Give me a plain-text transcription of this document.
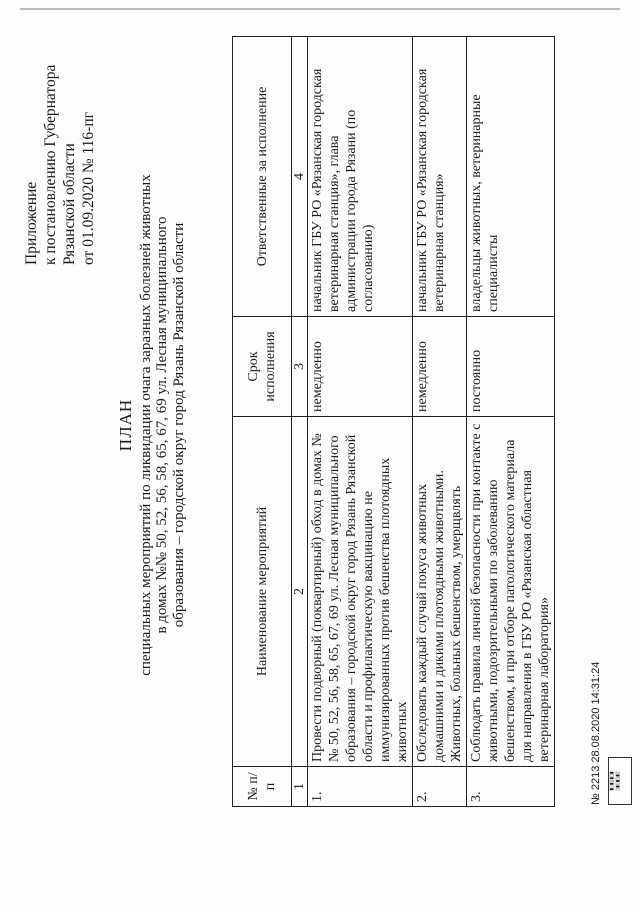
Приложение к постановлению Губернатора Рязанской области от 01.09.2020 № 116-пг
ПЛАН специальных мероприятий по ликвидации очага заразных болезней животных в домах №№ 50, 52, 56, 58, 65, 67, 69 ул. Лесная муниципального образования – городской округ город Рязань Рязанской области
№ п/п	Наименование мероприятий	Срок исполнения	Ответственные за исполнение
1	2	3	4
1.	Провести подворный (поквартирный) обход в домах №№ 50, 52, 56, 58, 65, 67, 69 ул. Лесная муниципального образования – городской округ город Рязань Рязанской области и профилактическую вакцинацию не иммунизированных против бешенства плотоядных животных	немедленно	начальник ГБУ РО «Рязанская городская ветеринарная станция», глава администрации города Рязани (по согласованию)
2.	Обследовать каждый случай покуса животных домашними и дикими плотоядными животными. Животных, больных бешенством, умерщвлять	немедленно	начальник ГБУ РО «Рязанская городская ветеринарная станция»
3.	Соблюдать правила личной безопасности при контакте с животными, подозрительными по заболеванию бешенством, и при отборе патологического материала для направления в ГБУ РО «Рязанская областная ветеринарная лаборатория»	постоянно	владельцы животных, ветеринарные специалисты
▮▯▮▯▮▯▮
▯▮▯▮▯▮▯
№ 2213 28.08.2020 14:31:24
